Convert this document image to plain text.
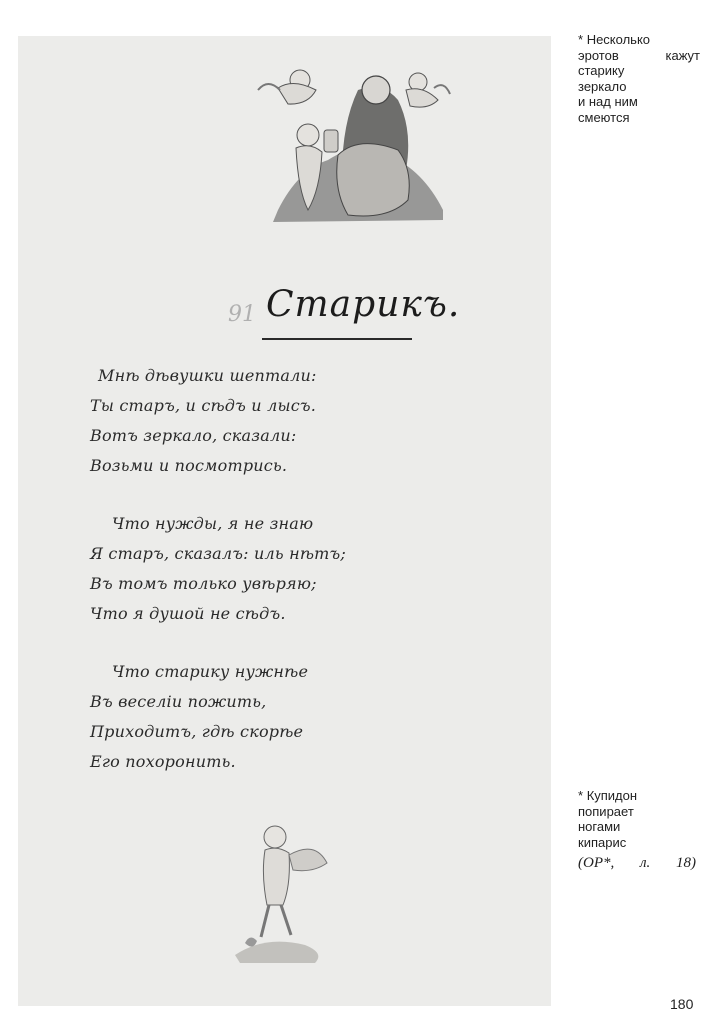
91 Старикъ.
Мнѣ дѣвушки шептали:
Ты старъ, и сѣдъ и лысъ.
Вотъ зеркало, сказали:
Возьми и посмотрись.
Что нужды, я не знаю
Я старъ, сказалъ: иль нѣтъ;
Въ томъ только увѣряю;
Что я душой не сѣдъ.
Что старику нужнѣе
Въ веселіи пожить,
Приходитъ, гдѣ скорѣе
Его похоронить.
* Несколько
эротов кажут
старику
зеркало
и над ним
смеются
* Купидон
попирает
ногами
кипарис
(ОР*, л. 18)
180
